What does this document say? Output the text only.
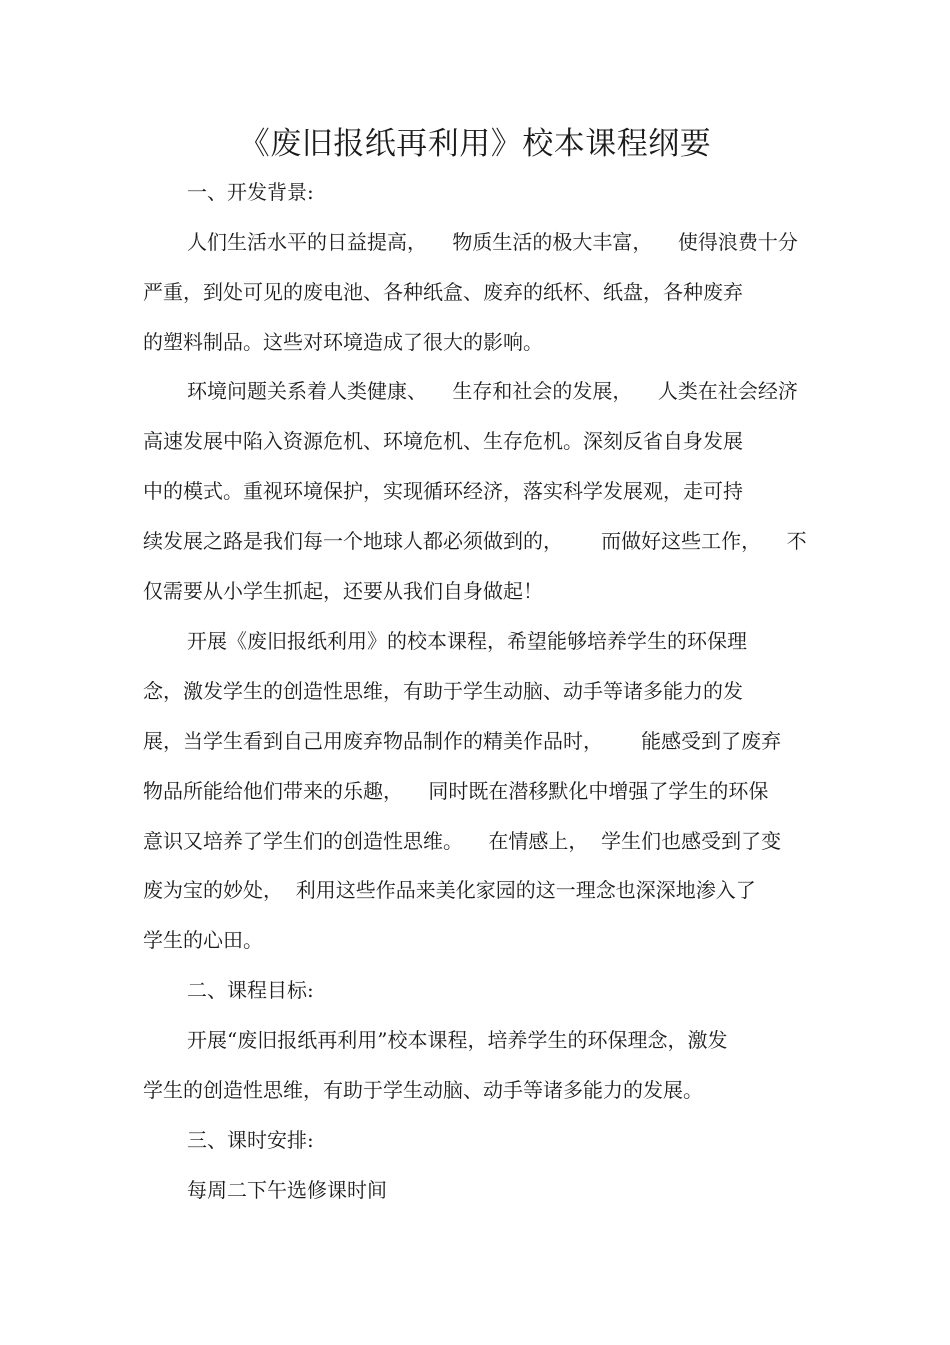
《废旧报纸再利用》校本课程纲要

一、开发背景:

人们生活水平的日益提高，    物质生活的极大丰富，    使得浪费十分

严重，到处可见的废电池、各种纸盒、废弃的纸杯、纸盘，各种废弃

的塑料制品。这些对环境造成了很大的影响。

环境问题关系着人类健康、    生存和社会的发展，    人类在社会经济

高速发展中陷入资源危机、环境危机、生存危机。深刻反省自身发展

中的模式。重视环境保护，实现循环经济，落实科学发展观，走可持

续发展之路是我们每一个地球人都必须做到的，      而做好这些工作，    不

仅需要从小学生抓起，还要从我们自身做起！

开展《废旧报纸利用》的校本课程，希望能够培养学生的环保理

念，激发学生的创造性思维，有助于学生动脑、动手等诸多能力的发

展，当学生看到自己用废弃物品制作的精美作品时，      能感受到了废弃

物品所能给他们带来的乐趣，    同时既在潜移默化中增强了学生的环保

意识又培养了学生们的创造性思维。    在情感上，  学生们也感受到了变

废为宝的妙处，  利用这些作品来美化家园的这一理念也深深地渗入了

学生的心田。

二、课程目标:

开展“废旧报纸再利用”校本课程，培养学生的环保理念，激发

学生的创造性思维，有助于学生动脑、动手等诸多能力的发展。

三、课时安排:

每周二下午选修课时间
